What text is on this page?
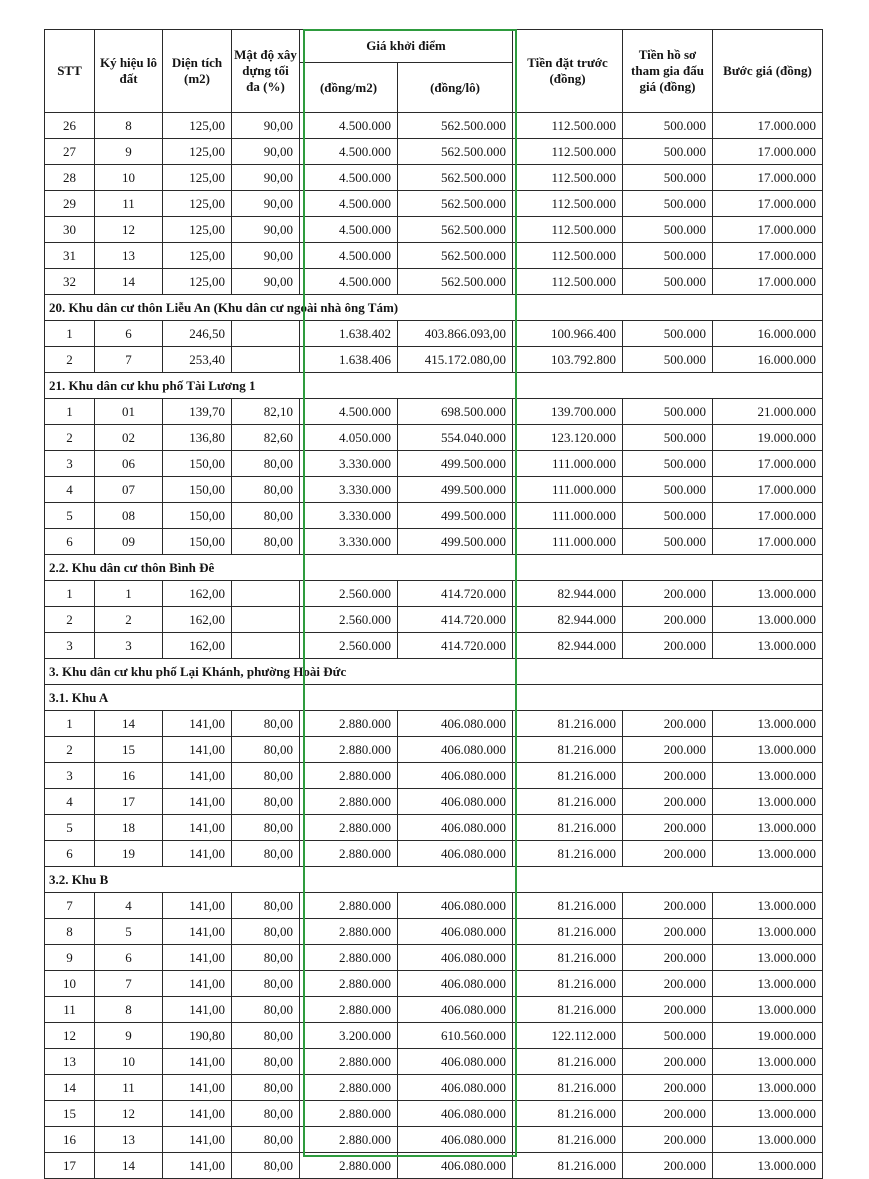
STT	Ký hiệu lô đất	Diện tích (m2)	Mật độ xây dựng tối đa (%)	Giá khởi điểm		Tiền đặt trước (đồng)	Tiền hồ sơ tham gia đấu giá (đồng)	Bước giá (đồng)
				(đồng/m2)	(đồng/lô)			
26	8	125,00	90,00	4.500.000	562.500.000	112.500.000	500.000	17.000.000
27	9	125,00	90,00	4.500.000	562.500.000	112.500.000	500.000	17.000.000
28	10	125,00	90,00	4.500.000	562.500.000	112.500.000	500.000	17.000.000
29	11	125,00	90,00	4.500.000	562.500.000	112.500.000	500.000	17.000.000
30	12	125,00	90,00	4.500.000	562.500.000	112.500.000	500.000	17.000.000
31	13	125,00	90,00	4.500.000	562.500.000	112.500.000	500.000	17.000.000
32	14	125,00	90,00	4.500.000	562.500.000	112.500.000	500.000	17.000.000
20. Khu dân cư thôn Liễu An (Khu dân cư ngoài nhà ông Tám)								
1	6	246,50		1.638.402	403.866.093,00	100.966.400	500.000	16.000.000
2	7	253,40		1.638.406	415.172.080,00	103.792.800	500.000	16.000.000
21. Khu dân cư khu phố Tài Lương 1								
1	01	139,70	82,10	4.500.000	698.500.000	139.700.000	500.000	21.000.000
2	02	136,80	82,60	4.050.000	554.040.000	123.120.000	500.000	19.000.000
3	06	150,00	80,00	3.330.000	499.500.000	111.000.000	500.000	17.000.000
4	07	150,00	80,00	3.330.000	499.500.000	111.000.000	500.000	17.000.000
5	08	150,00	80,00	3.330.000	499.500.000	111.000.000	500.000	17.000.000
6	09	150,00	80,00	3.330.000	499.500.000	111.000.000	500.000	17.000.000
2.2. Khu dân cư thôn Bình Đê								
1	1	162,00		2.560.000	414.720.000	82.944.000	200.000	13.000.000
2	2	162,00		2.560.000	414.720.000	82.944.000	200.000	13.000.000
3	3	162,00		2.560.000	414.720.000	82.944.000	200.000	13.000.000
3. Khu dân cư khu phố Lại Khánh, phường Hoài Đức								
3.1. Khu A								
1	14	141,00	80,00	2.880.000	406.080.000	81.216.000	200.000	13.000.000
2	15	141,00	80,00	2.880.000	406.080.000	81.216.000	200.000	13.000.000
3	16	141,00	80,00	2.880.000	406.080.000	81.216.000	200.000	13.000.000
4	17	141,00	80,00	2.880.000	406.080.000	81.216.000	200.000	13.000.000
5	18	141,00	80,00	2.880.000	406.080.000	81.216.000	200.000	13.000.000
6	19	141,00	80,00	2.880.000	406.080.000	81.216.000	200.000	13.000.000
3.2. Khu B								
7	4	141,00	80,00	2.880.000	406.080.000	81.216.000	200.000	13.000.000
8	5	141,00	80,00	2.880.000	406.080.000	81.216.000	200.000	13.000.000
9	6	141,00	80,00	2.880.000	406.080.000	81.216.000	200.000	13.000.000
10	7	141,00	80,00	2.880.000	406.080.000	81.216.000	200.000	13.000.000
11	8	141,00	80,00	2.880.000	406.080.000	81.216.000	200.000	13.000.000
12	9	190,80	80,00	3.200.000	610.560.000	122.112.000	500.000	19.000.000
13	10	141,00	80,00	2.880.000	406.080.000	81.216.000	200.000	13.000.000
14	11	141,00	80,00	2.880.000	406.080.000	81.216.000	200.000	13.000.000
15	12	141,00	80,00	2.880.000	406.080.000	81.216.000	200.000	13.000.000
16	13	141,00	80,00	2.880.000	406.080.000	81.216.000	200.000	13.000.000
17	14	141,00	80,00	2.880.000	406.080.000	81.216.000	200.000	13.000.000
